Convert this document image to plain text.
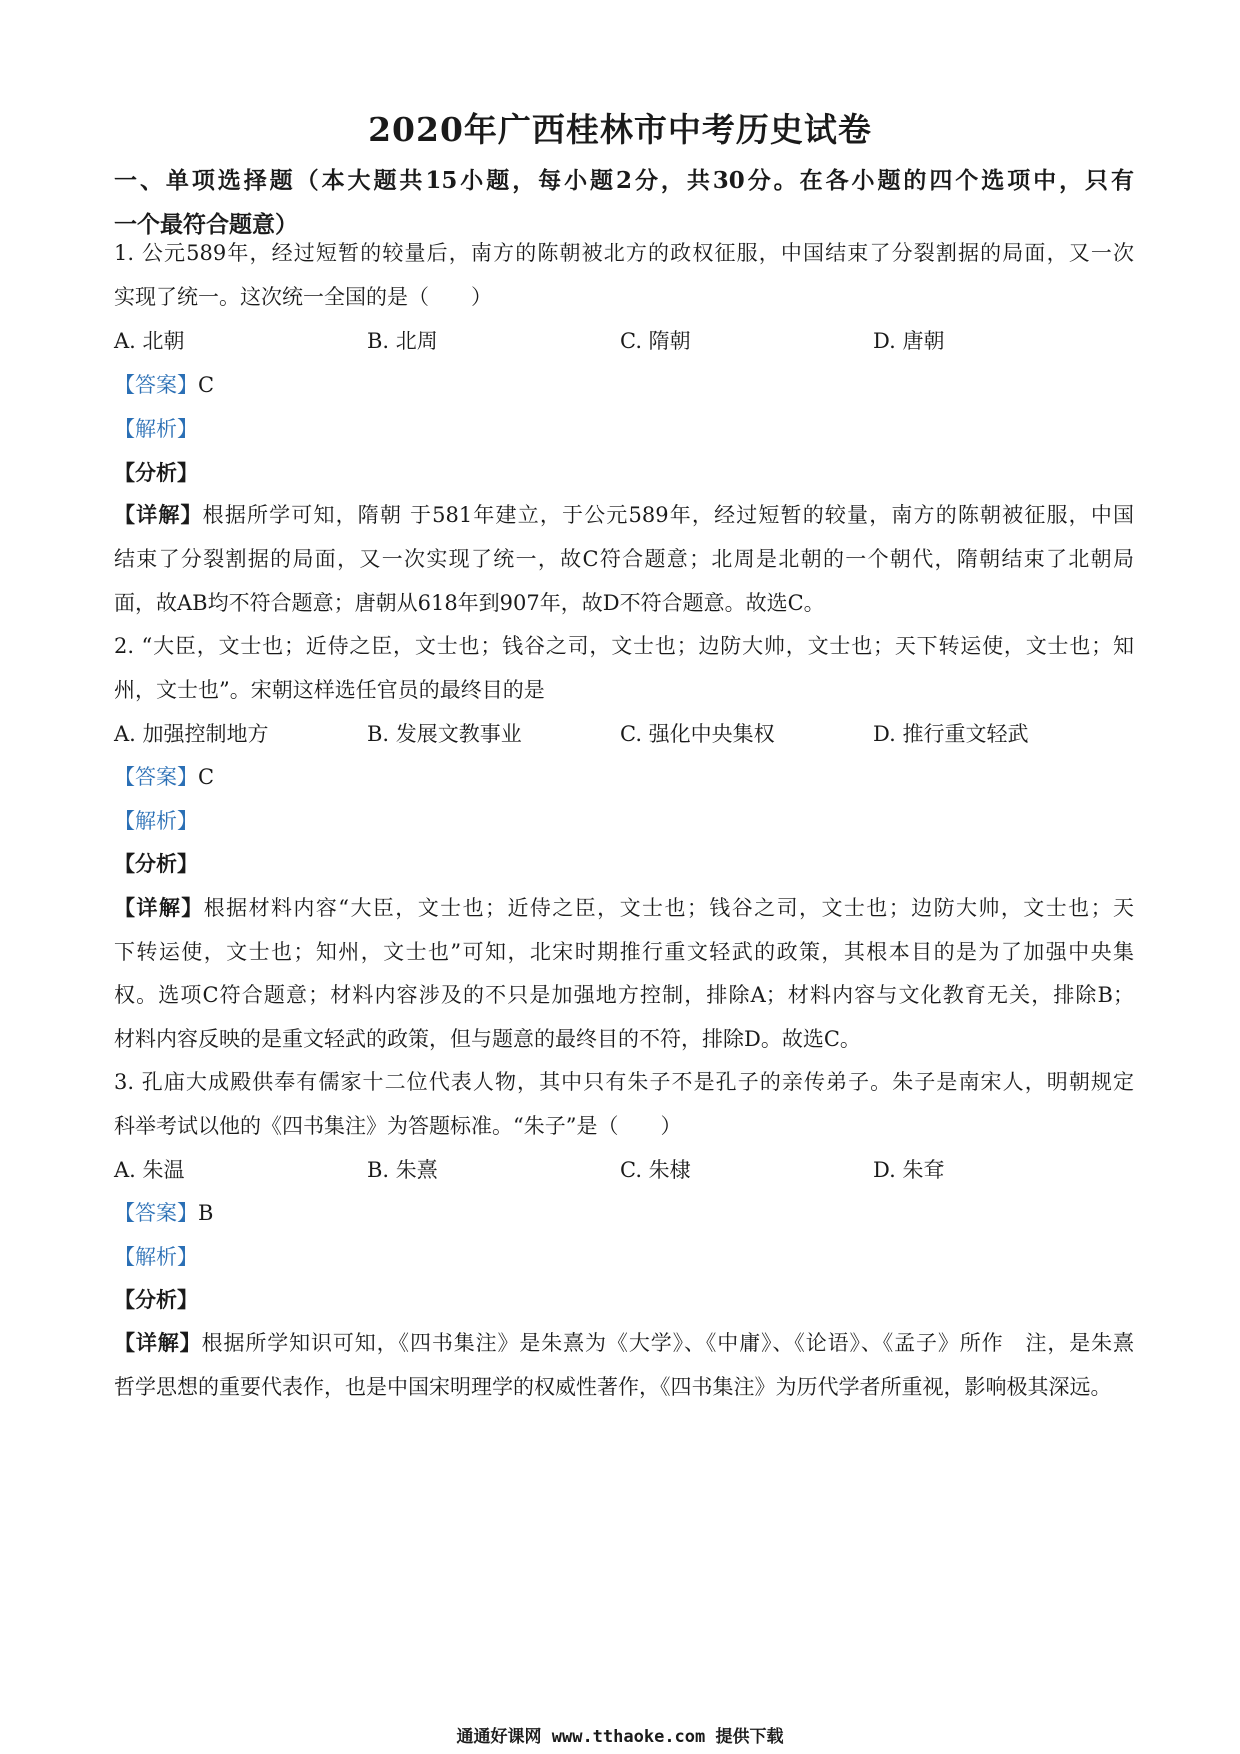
2020年广西桂林市中考历史试卷
一、单项选择题（本大题共15小题，每小题2分，共30分。在各小题的四个选项中，只有
一个最符合题意）
1. 公元589年，经过短暂的较量后，南方的陈朝被北方的政权征服，中国结束了分裂割据的局面，又一次
实现了统一。这次统一全国的是（　　）
A. 北朝	B. 北周	C. 隋朝	D. 唐朝
【答案】C
【解析】
【分析】
【详解】根据所学可知，隋朝 于581年建立，于公元589年，经过短暂的较量，南方的陈朝被征服，中国
结束了分裂割据的局面，又一次实现了统一，故C符合题意；北周是北朝的一个朝代，隋朝结束了北朝局
面，故AB均不符合题意；唐朝从618年到907年，故D不符合题意。故选C。
2. “大臣，文士也；近侍之臣，文士也；钱谷之司，文士也；边防大帅，文士也；天下转运使，文士也；知
州，文士也”。宋朝这样选任官员的最终目的是
A. 加强控制地方	B. 发展文教事业	C. 强化中央集权	D. 推行重文轻武
【答案】C
【解析】
【分析】
【详解】根据材料内容“大臣，文士也；近侍之臣，文士也；钱谷之司，文士也；边防大帅，文士也；天
下转运使，文士也；知州，文士也”可知，北宋时期推行重文轻武的政策，其根本目的是为了加强中央集
权。选项C符合题意；材料内容涉及的不只是加强地方控制，排除A；材料内容与文化教育无关，排除B；
材料内容反映的是重文轻武的政策，但与题意的最终目的不符，排除D。故选C。
3. 孔庙大成殿供奉有儒家十二位代表人物，其中只有朱子不是孔子的亲传弟子。朱子是南宋人，明朝规定
科举考试以他的《四书集注》为答题标准。“朱子”是（　　）
A. 朱温	B. 朱熹	C. 朱棣	D. 朱耷
【答案】B
【解析】
【分析】
【详解】根据所学知识可知，《四书集注》是朱熹为《大学》、《中庸》、《论语》、《孟子》所作　注，是朱熹
哲学思想的重要代表作，也是中国宋明理学的权威性著作，《四书集注》为历代学者所重视，影响极其深远。
通通好课网 www.tthaoke.com 提供下载
